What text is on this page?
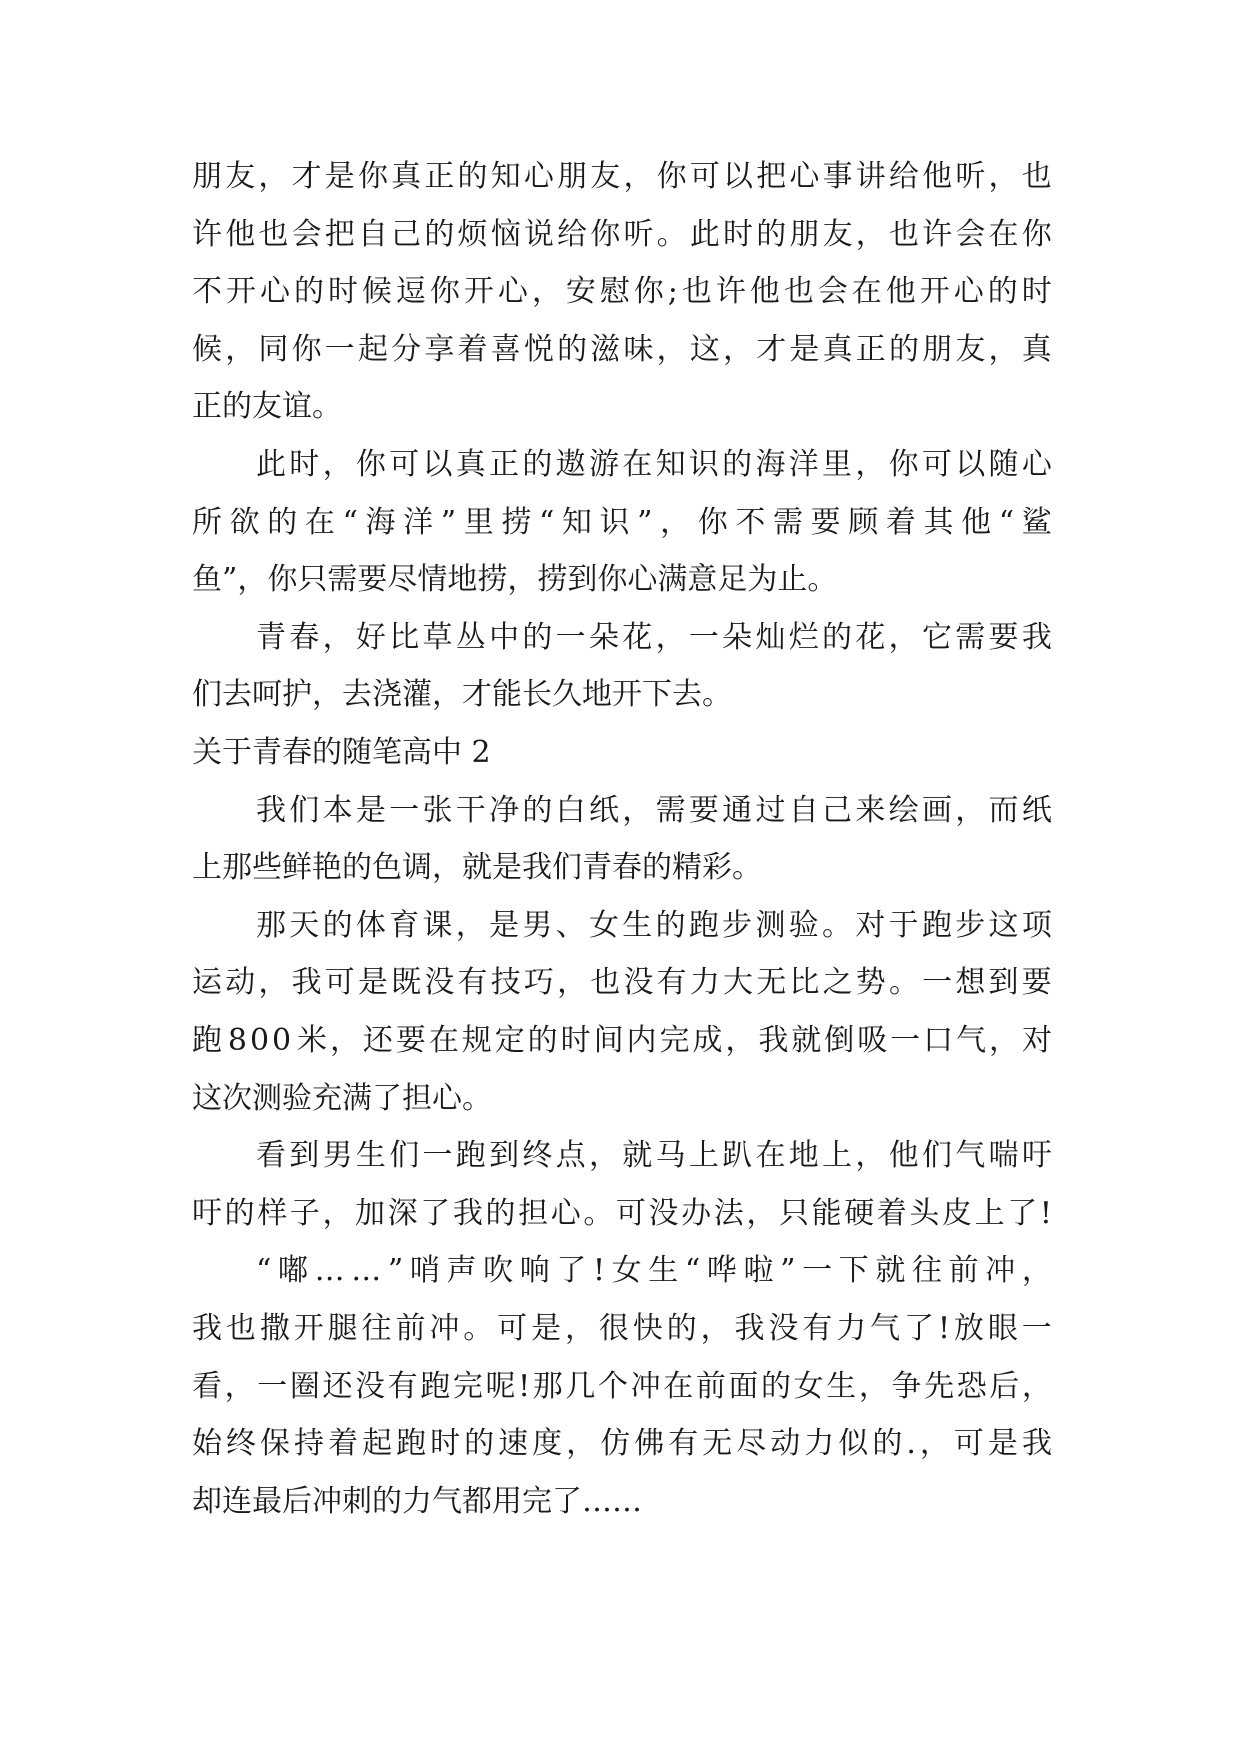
朋 友 ， 才 是 你 真 正 的 知 心 朋 友 ， 你 可 以 把 心 事 讲 给 他 听 ， 也
许 他 也 会 把 自 己 的 烦 恼 说 给 你 听 。 此 时 的 朋 友 ， 也 许 会 在 你
不 开 心 的 时 候 逗 你 开 心 ， 安 慰 你 ; 也 许 他 也 会 在 他 开 心 的 时
候 ， 同 你 一 起 分 享 着 喜 悦 的 滋 味 ， 这 ， 才 是 真 正 的 朋 友 ， 真
正的友谊。
此 时 ， 你 可 以 真 正 的 遨 游 在 知 识 的 海 洋 里 ， 你 可 以 随 心
所 欲 的 在 “ 海 洋 ” 里 捞 “ 知 识 ” ， 你 不 需 要 顾 着 其 他 “ 鲨
鱼”，你只需要尽情地捞，捞到你心满意足为止。
青 春 ， 好 比 草 丛 中 的 一 朵 花 ， 一 朵 灿 烂 的 花 ， 它 需 要 我
们去呵护，去浇灌，才能长久地开下去。
关于青春的随笔高中 2
我 们 本 是 一 张 干 净 的 白 纸 ， 需 要 通 过 自 己 来 绘 画 ， 而 纸
上那些鲜艳的色调，就是我们青春的精彩。
那 天 的 体 育 课 ， 是 男 、 女 生 的 跑 步 测 验 。 对 于 跑 步 这 项
运 动 ， 我 可 是 既 没 有 技 巧 ， 也 没 有 力 大 无 比 之 势 。 一 想 到 要
跑 8 0 0 米 ， 还 要 在 规 定 的 时 间 内 完 成 ， 我 就 倒 吸 一 口 气 ， 对
这次测验充满了担心。
看 到 男 生 们 一 跑 到 终 点 ， 就 马 上 趴 在 地 上 ， 他 们 气 喘 吁
吁 的 样 子 ， 加 深 了 我 的 担 心 。 可 没 办 法 ， 只 能 硬 着 头 皮 上 了 !
“ 嘟 … … ” 哨 声 吹 响 了 ! 女 生 “ 哗 啦 ” 一 下 就 往 前 冲 ，
我 也 撒 开 腿 往 前 冲 。 可 是 ， 很 快 的 ， 我 没 有 力 气 了 ! 放 眼 一
看 ， 一 圈 还 没 有 跑 完 呢 ! 那 几 个 冲 在 前 面 的 女 生 ， 争 先 恐 后 ，
始 终 保 持 着 起 跑 时 的 速 度 ， 仿 佛 有 无 尽 动 力 似 的 . ， 可 是 我
却连最后冲刺的力气都用完了……
